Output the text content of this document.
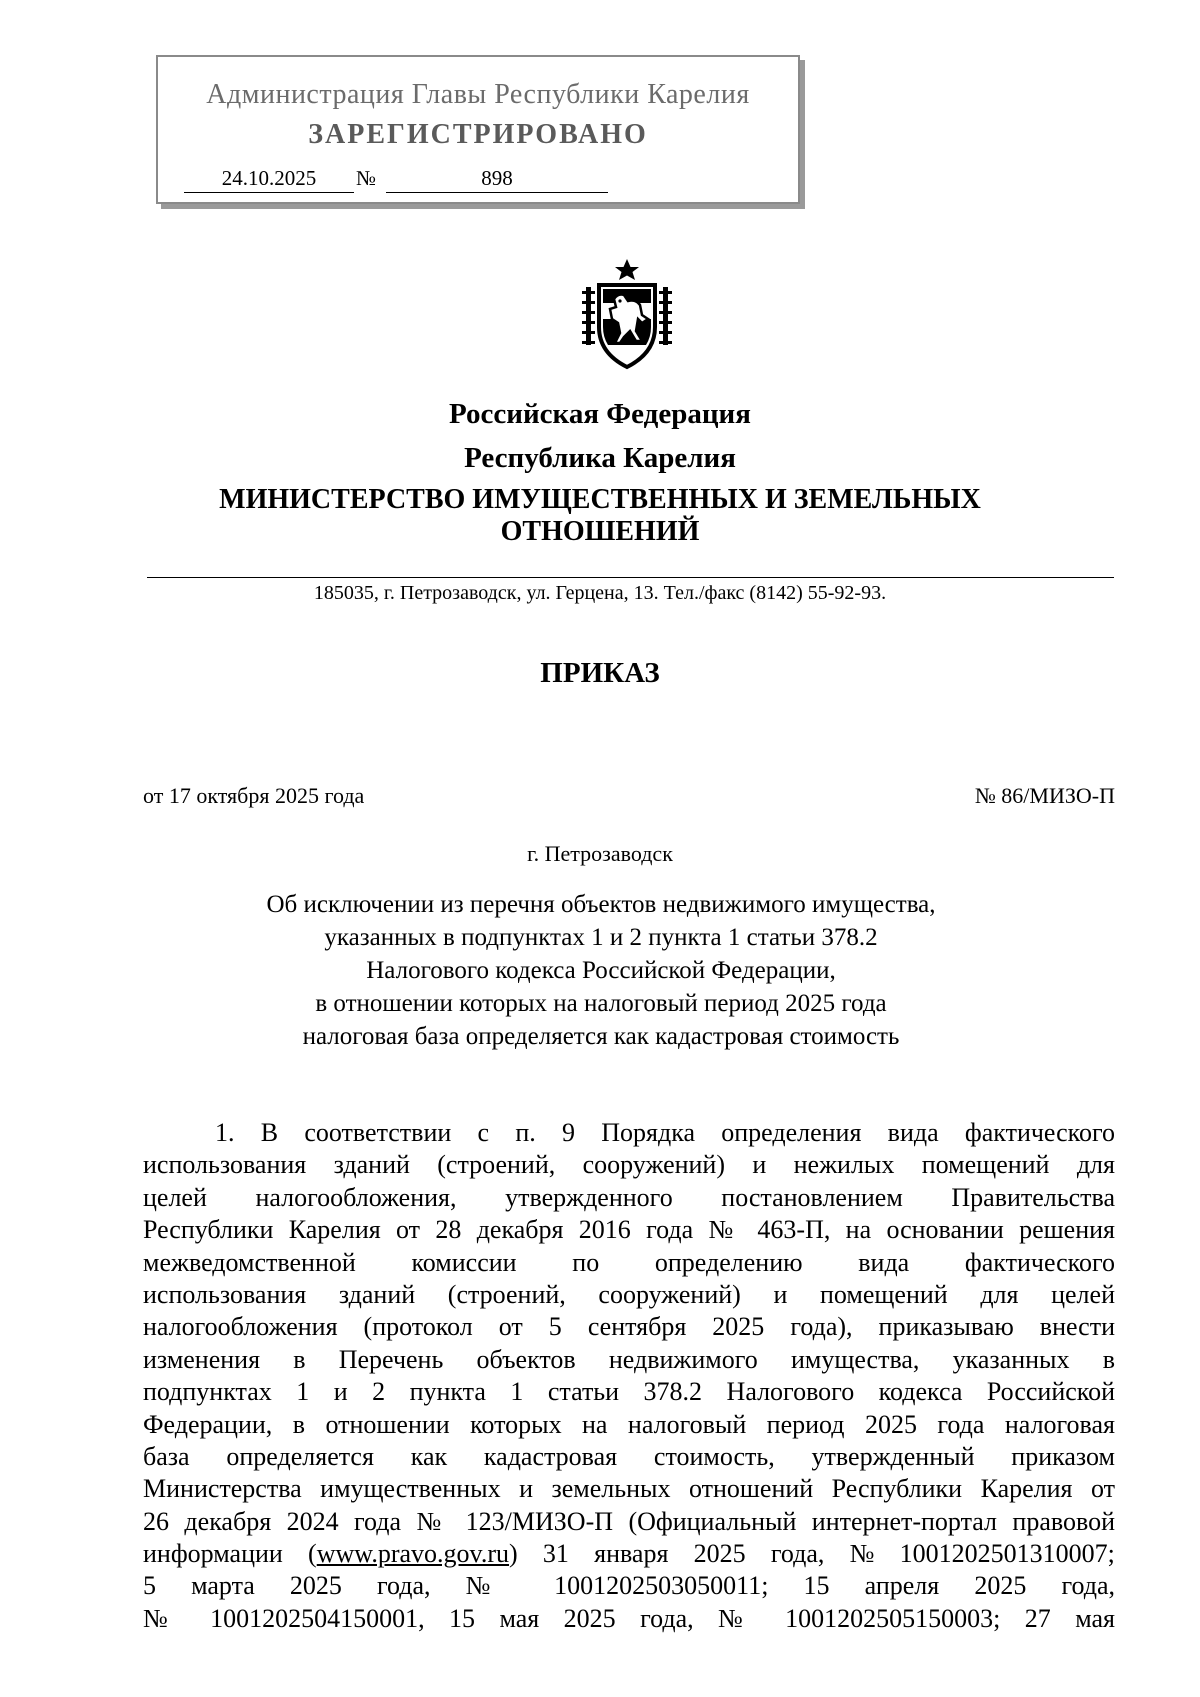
Администрация Главы Республики Карелия
ЗАРЕГИСТРИРОВАНО
24.10.2025	№	898
Российская Федерация
Республика Карелия
МИНИСТЕРСТВО ИМУЩЕСТВЕННЫХ И ЗЕМЕЛЬНЫХ
ОТНОШЕНИЙ
185035, г. Петрозаводск, ул. Герцена, 13. Тел./факс (8142) 55-92-93.
ПРИКАЗ
от 17 октября 2025 года	№ 86/МИЗО-П
г. Петрозаводск
Об исключении из перечня объектов недвижимого имущества,
указанных в подпунктах 1 и 2 пункта 1 статьи 378.2
Налогового кодекса Российской Федерации,
в отношении которых на налоговый период 2025 года
налоговая база определяется как кадастровая стоимость
1. В соответствии с п. 9 Порядка определения вида фактического
использования зданий (строений, сооружений) и нежилых помещений для
целей налогообложения, утвержденного постановлением Правительства
Республики Карелия от 28 декабря 2016 года № 463-П, на основании решения
межведомственной комиссии по определению вида фактического
использования зданий (строений, сооружений) и помещений для целей
налогообложения (протокол от 5 сентября 2025 года), приказываю внести
изменения в Перечень объектов недвижимого имущества, указанных в
подпунктах 1 и 2 пункта 1 статьи 378.2 Налогового кодекса Российской
Федерации, в отношении которых на налоговый период 2025 года налоговая
база определяется как кадастровая стоимость, утвержденный приказом
Министерства имущественных и земельных отношений Республики Карелия от
26 декабря 2024 года № 123/МИЗО-П (Официальный интернет-портал правовой
информации (www.pravo.gov.ru) 31 января 2025 года, № 1001202501310007;
5 марта 2025 года, № 1001202503050011; 15 апреля 2025 года,
№ 1001202504150001, 15 мая 2025 года, № 1001202505150003; 27 мая
